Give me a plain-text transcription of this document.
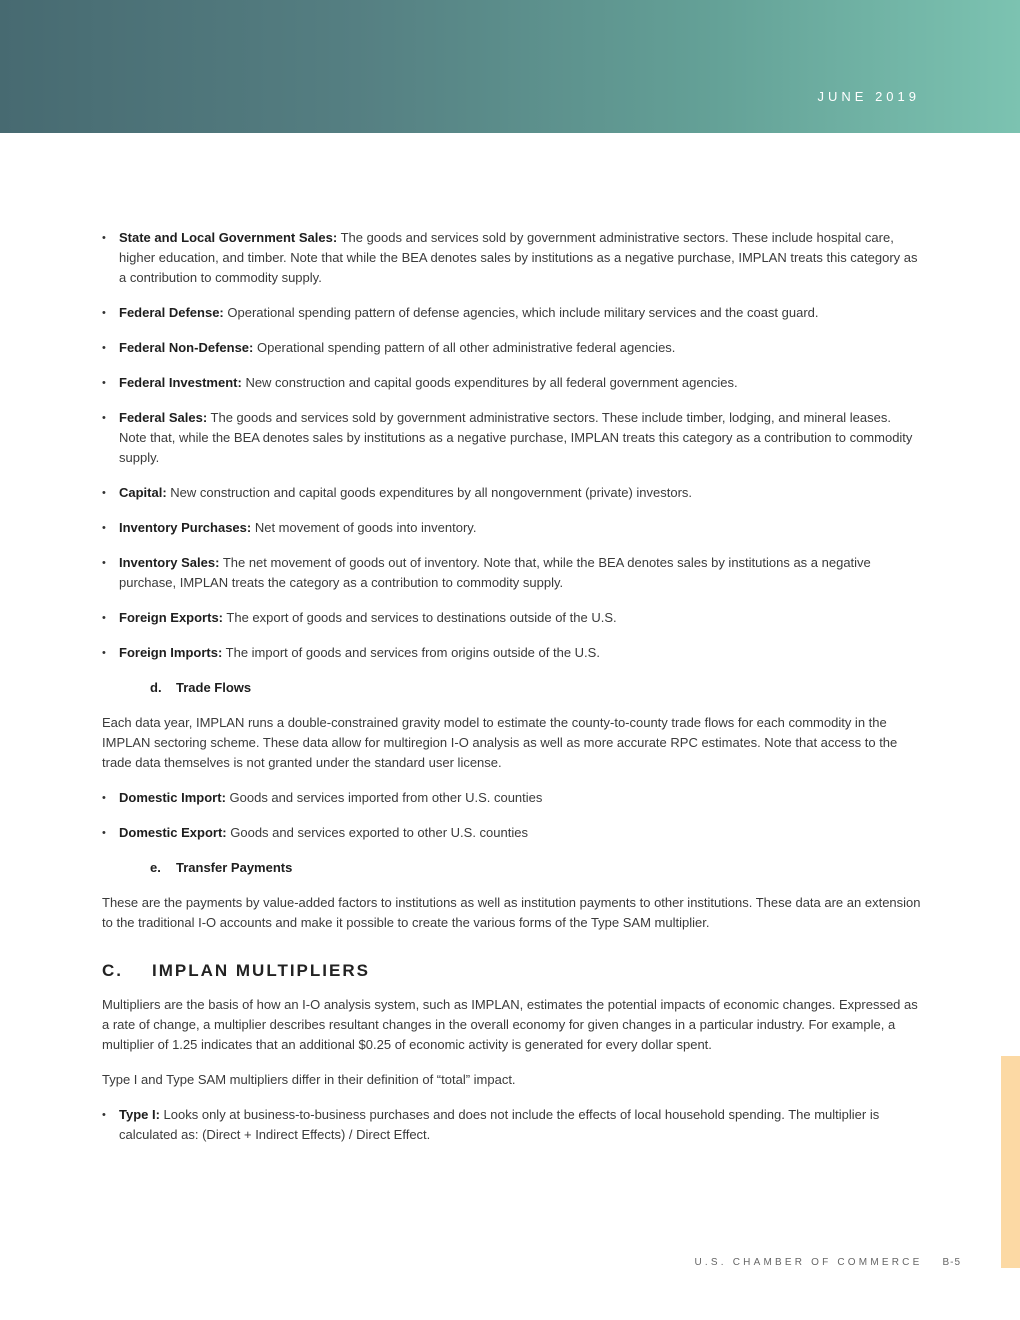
JUNE 2019
• State and Local Government Sales: The goods and services sold by government administrative sectors. These include hospital care, higher education, and timber. Note that while the BEA denotes sales by institutions as a negative purchase, IMPLAN treats this category as a contribution to commodity supply.
• Federal Defense: Operational spending pattern of defense agencies, which include military services and the coast guard.
• Federal Non-Defense: Operational spending pattern of all other administrative federal agencies.
• Federal Investment: New construction and capital goods expenditures by all federal government agencies.
• Federal Sales: The goods and services sold by government administrative sectors. These include timber, lodging, and mineral leases. Note that, while the BEA denotes sales by institutions as a negative purchase, IMPLAN treats this category as a contribution to commodity supply.
• Capital: New construction and capital goods expenditures by all nongovernment (private) investors.
• Inventory Purchases: Net movement of goods into inventory.
• Inventory Sales: The net movement of goods out of inventory. Note that, while the BEA denotes sales by institutions as a negative purchase, IMPLAN treats the category as a contribution to commodity supply.
• Foreign Exports: The export of goods and services to destinations outside of the U.S.
• Foreign Imports: The import of goods and services from origins outside of the U.S.
d. Trade Flows

Each data year, IMPLAN runs a double-constrained gravity model to estimate the county-to-county trade flows for each commodity in the IMPLAN sectoring scheme. These data allow for multiregion I-O analysis as well as more accurate RPC estimates. Note that access to the trade data themselves is not granted under the standard user license.

• Domestic Import: Goods and services imported from other U.S. counties
• Domestic Export: Goods and services exported to other U.S. counties
e. Transfer Payments

These are the payments by value-added factors to institutions as well as institution payments to other institutions. These data are an extension to the traditional I-O accounts and make it possible to create the various forms of the Type SAM multiplier.

C. IMPLAN MULTIPLIERS

Multipliers are the basis of how an I-O analysis system, such as IMPLAN, estimates the potential impacts of economic changes. Expressed as a rate of change, a multiplier describes resultant changes in the overall economy for given changes in a particular industry. For example, a multiplier of 1.25 indicates that an additional $0.25 of economic activity is generated for every dollar spent.

Type I and Type SAM multipliers differ in their definition of “total” impact.

• Type I: Looks only at business-to-business purchases and does not include the effects of local household spending. The multiplier is calculated as: (Direct + Indirect Effects) / Direct Effect.
U.S. CHAMBER OF COMMERCE B-5
